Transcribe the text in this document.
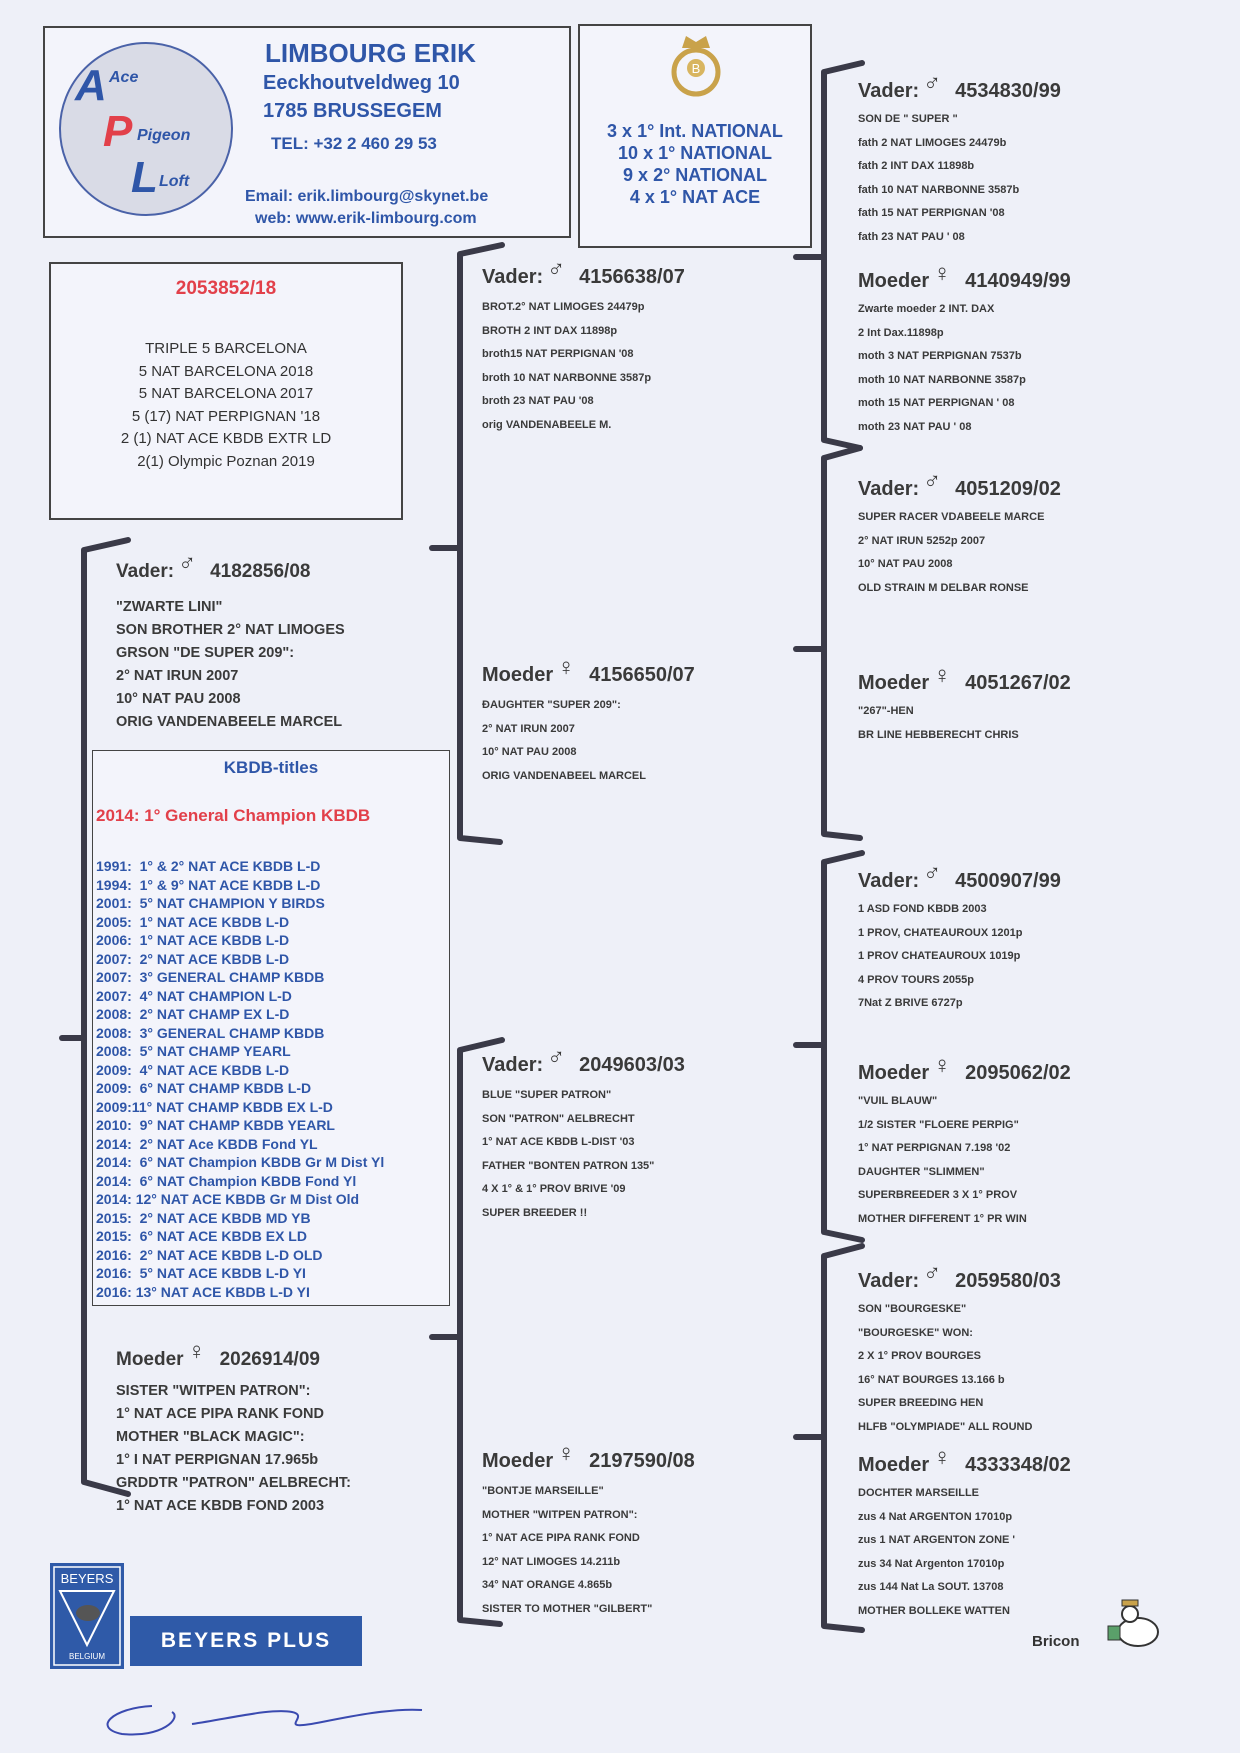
A Ace
P Pigeon
L Loft
LIMBOURG ERIK
Eeckhoutveldweg 10
1785 BRUSSEGEM
TEL: +32 2 460 29 53
Email: erik.limbourg@skynet.be
web: www.erik-limbourg.com
B
3 x 1° Int. NATIONAL
10 x 1° NATIONAL
9 x 2° NATIONAL
4 x 1° NAT ACE
2053852/18
TRIPLE 5 BARCELONA
5 NAT BARCELONA 2018
5 NAT BARCELONA 2017
5 (17) NAT PERPIGNAN '18
2 (1) NAT ACE KBDB EXTR LD
2(1) Olympic Poznan 2019
Vader: ♂ 4182856/08
"ZWARTE LINI"
SON BROTHER 2° NAT LIMOGES
GRSON "DE SUPER 209":
2° NAT IRUN 2007
10° NAT PAU 2008
ORIG VANDENABEELE MARCEL
KBDB-titles
2014: 1° General Champion KBDB
1991:  1° & 2° NAT ACE KBDB L-D
1994:  1° & 9° NAT ACE KBDB L-D
2001:  5° NAT CHAMPION Y BIRDS
2005:  1° NAT ACE KBDB L-D
2006:  1° NAT ACE KBDB L-D
2007:  2° NAT ACE KBDB L-D
2007:  3° GENERAL CHAMP KBDB
2007:  4° NAT CHAMPION L-D
2008:  2° NAT CHAMP EX L-D
2008:  3° GENERAL CHAMP KBDB
2008:  5° NAT CHAMP YEARL
2009:  4° NAT ACE KBDB L-D
2009:  6° NAT CHAMP KBDB L-D
2009:11° NAT CHAMP KBDB EX L-D
2010:  9° NAT CHAMP KBDB YEARL
2014:  2° NAT Ace KBDB Fond YL
2014:  6° NAT Champion KBDB Gr M Dist Yl
2014:  6° NAT Champion KBDB Fond Yl
2014: 12° NAT ACE KBDB Gr M Dist Old
2015:  2° NAT ACE KBDB MD YB
2015:  6° NAT ACE KBDB EX LD
2016:  2° NAT ACE KBDB L-D OLD
2016:  5° NAT ACE KBDB L-D YI
2016: 13° NAT ACE KBDB L-D YI
Moeder ♀ 2026914/09
SISTER "WITPEN PATRON":
1° NAT ACE PIPA RANK FOND
MOTHER "BLACK MAGIC":
1° I NAT PERPIGNAN 17.965b
GRDDTR "PATRON" AELBRECHT:
1° NAT ACE KBDB FOND 2003
Vader: ♂ 4156638/07
BROT.2° NAT LIMOGES 24479p
BROTH 2 INT DAX 11898p
broth15 NAT PERPIGNAN '08
broth 10 NAT NARBONNE 3587p
broth 23 NAT PAU '08
orig VANDENABEELE M.
Moeder ♀ 4156650/07
ÐAUGHTER "SUPER 209":
2° NAT IRUN 2007
10° NAT PAU 2008
ORIG VANDENABEEL MARCEL
Vader: ♂ 2049603/03
BLUE "SUPER PATRON"
SON "PATRON" AELBRECHT
1° NAT ACE KBDB L-DIST '03
FATHER "BONTEN PATRON 135"
4 X 1° & 1° PROV BRIVE '09
SUPER BREEDER !!
Moeder ♀ 2197590/08
"BONTJE MARSEILLE"
MOTHER "WITPEN PATRON":
1° NAT ACE PIPA RANK FOND
12° NAT LIMOGES 14.211b
34° NAT ORANGE 4.865b
SISTER TO MOTHER "GILBERT"
Vader: ♂ 4534830/99
SON DE " SUPER "
fath 2 NAT LIMOGES 24479b
fath 2 INT DAX 11898b
fath 10 NAT NARBONNE 3587b
fath 15 NAT PERPIGNAN '08
fath 23 NAT PAU ' 08
Moeder ♀ 4140949/99
Zwarte moeder 2 INT. DAX
2 Int Dax.11898p
moth 3 NAT PERPIGNAN 7537b
moth 10 NAT NARBONNE 3587p
moth 15 NAT PERPIGNAN ' 08
moth 23 NAT PAU ' 08
Vader: ♂ 4051209/02
SUPER RACER VDABEELE MARCE
2° NAT IRUN 5252p 2007
10° NAT PAU 2008
OLD STRAIN M DELBAR RONSE
Moeder ♀ 4051267/02
"267"-HEN
BR LINE HEBBERECHT CHRIS
Vader: ♂ 4500907/99
1 ASD FOND KBDB 2003
1 PROV, CHATEAUROUX 1201p
1 PROV CHATEAUROUX 1019p
4 PROV TOURS 2055p
7Nat Z BRIVE 6727p
Moeder ♀ 2095062/02
"VUIL BLAUW"
1/2 SISTER "FLOERE PERPIG"
1° NAT PERPIGNAN 7.198 '02
DAUGHTER "SLIMMEN"
SUPERBREEDER 3 X 1° PROV
MOTHER DIFFERENT 1° PR WIN
Vader: ♂ 2059580/03
SON "BOURGESKE"
"BOURGESKE" WON:
2 X 1° PROV BOURGES
16° NAT BOURGES 13.166 b
SUPER BREEDING HEN
HLFB "OLYMPIADE" ALL ROUND
Moeder ♀ 4333348/02
DOCHTER MARSEILLE
zus 4 Nat ARGENTON 17010p
zus 1 NAT ARGENTON ZONE '
zus 34 Nat Argenton 17010p
zus 144 Nat La SOUT. 13708
MOTHER BOLLEKE WATTEN
BEYERS
BELGIUM
BEYERS PLUS	Bricon
